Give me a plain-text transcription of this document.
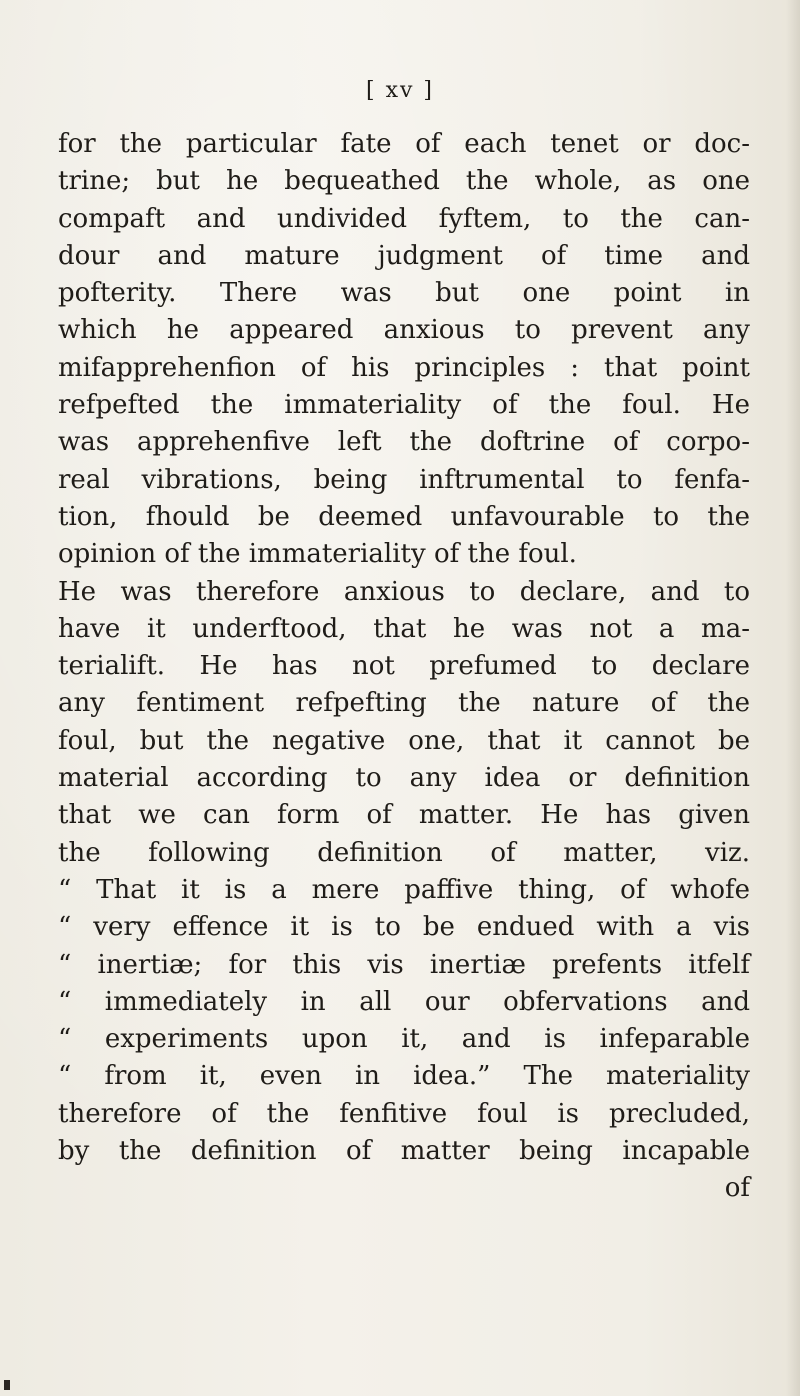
[ xv ]
for the particular fate of each tenet or doc-
trine; but he bequeathed the whole, as one
compaft and undivided fyftem, to the can-
dour and mature judgment of time and
pofterity. There was but one point in
which he appeared anxious to prevent any
mifapprehenfion of his principles : that point
refpefted the immateriality of the foul. He
was apprehenfive left the doftrine of corpo-
real vibrations, being inftrumental to fenfa-
tion, fhould be deemed unfavourable to the
opinion of the immateriality of the foul.
He was therefore anxious to declare, and to
have it underftood, that he was not a ma-
terialift. He has not prefumed to declare
any fentiment refpefting the nature of the
foul, but the negative one, that it cannot be
material according to any idea or definition
that we can form of matter. He has given
the following definition of matter, viz.
“ That it is a mere paffive thing, of whofe
“ very effence it is to be endued with a vis
“ inertiæ; for this vis inertiæ prefents itfelf
“ immediately in all our obfervations and
“ experiments upon it, and is infeparable
“ from it, even in idea.” The materiality
therefore of the fenfitive foul is precluded,
by the definition of matter being incapable
of
